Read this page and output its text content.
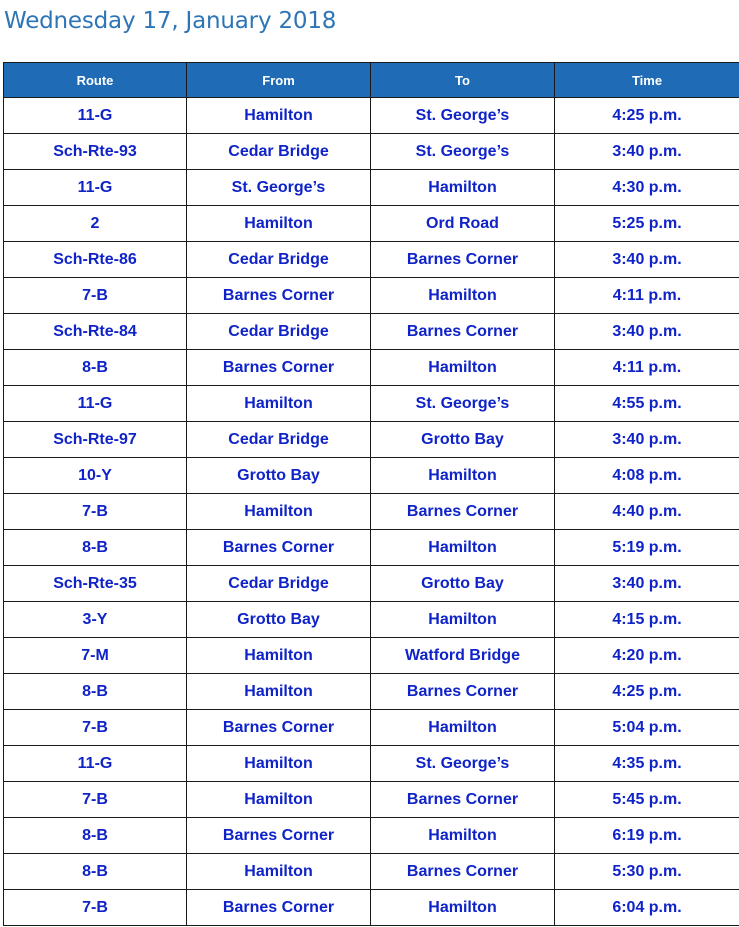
Wednesday 17, January 2018
Route	From	To	Time
11-G	Hamilton	St. George’s	4:25 p.m.
Sch-Rte-93	Cedar Bridge	St. George’s	3:40 p.m.
11-G	St. George’s	Hamilton	4:30 p.m.
2	Hamilton	Ord Road	5:25 p.m.
Sch-Rte-86	Cedar Bridge	Barnes Corner	3:40 p.m.
7-B	Barnes Corner	Hamilton	4:11 p.m.
Sch-Rte-84	Cedar Bridge	Barnes Corner	3:40 p.m.
8-B	Barnes Corner	Hamilton	4:11 p.m.
11-G	Hamilton	St. George’s	4:55 p.m.
Sch-Rte-97	Cedar Bridge	Grotto Bay	3:40 p.m.
10-Y	Grotto Bay	Hamilton	4:08 p.m.
7-B	Hamilton	Barnes Corner	4:40 p.m.
8-B	Barnes Corner	Hamilton	5:19 p.m.
Sch-Rte-35	Cedar Bridge	Grotto Bay	3:40 p.m.
3-Y	Grotto Bay	Hamilton	4:15 p.m.
7-M	Hamilton	Watford Bridge	4:20 p.m.
8-B	Hamilton	Barnes Corner	4:25 p.m.
7-B	Barnes Corner	Hamilton	5:04 p.m.
11-G	Hamilton	St. George’s	4:35 p.m.
7-B	Hamilton	Barnes Corner	5:45 p.m.
8-B	Barnes Corner	Hamilton	6:19 p.m.
8-B	Hamilton	Barnes Corner	5:30 p.m.
7-B	Barnes Corner	Hamilton	6:04 p.m.
